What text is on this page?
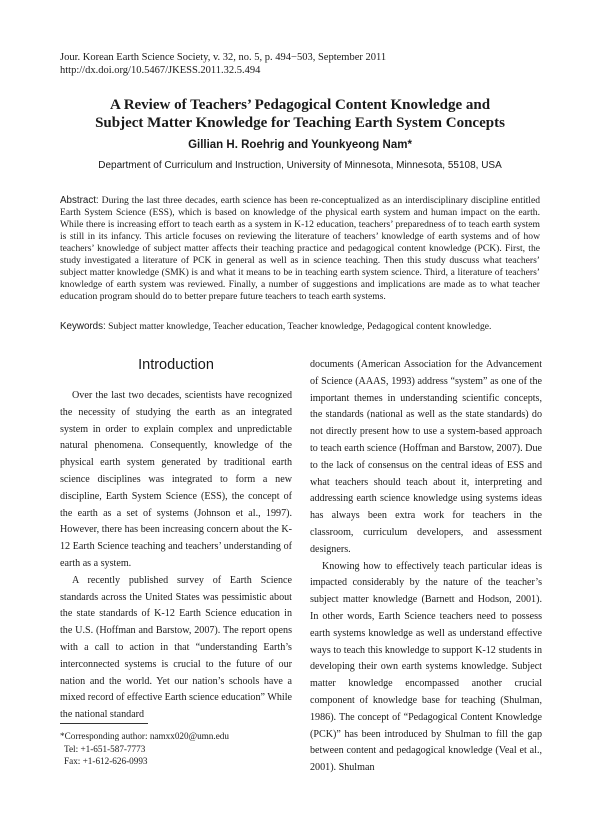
Jour. Korean Earth Science Society, v. 32, no. 5, p. 494−503, September 2011
http://dx.doi.org/10.5467/JKESS.2011.32.5.494
A Review of Teachers’ Pedagogical Content Knowledge and
Subject Matter Knowledge for Teaching Earth System Concepts
Gillian H. Roehrig and Younkyeong Nam*
Department of Curriculum and Instruction, University of Minnesota, Minnesota, 55108, USA
Abstract: During the last three decades, earth science has been re-conceptualized as an interdisciplinary discipline entitled Earth System Science (ESS), which is based on knowledge of the physical earth system and human impact on the earth. While there is increasing effort to teach earth as a system in K-12 education, teachers’ preparedness of to teach earth system is still in its infancy. This article focuses on reviewing the literature of teachers’ knowledge of earth systems and of how teachers’ knowledge of subject matter affects their teaching practice and pedagogical content knowledge (PCK). First, the study investigated a literature of PCK in general as well as in science teaching. Then this study duscuss what teachers’ subject matter knowledge (SMK) is and what it means to be in teaching earth system science. Third, a literature of teachers’ knowledge of earth system was reviewed. Finally, a number of suggestions and implications are made as to what teacher education program should do to better prepare future teachers to teach earth systems.
Keywords: Subject matter knowledge, Teacher education, Teacher knowledge, Pedagogical content knowledge.
Introduction

Over the last two decades, scientists have recognized the necessity of studying the earth as an integrated system in order to explain complex and unpredictable natural phenomena. Consequently, knowledge of the physical earth system generated by traditional earth science disciplines was integrated to form a new discipline, Earth System Science (ESS), the concept of the earth as a set of systems (Johnson et al., 1997). However, there has been increasing concern about the K-12 Earth Science teaching and teachers’ understanding of earth as a system.

A recently published survey of Earth Science standards across the United States was pessimistic about the state standards of K-12 Earth Science education in the U.S. (Hoffman and Barstow, 2007). The report opens with a call to action in that “understanding Earth’s interconnected systems is crucial to the future of our nation and the world. Yet our nation’s schools have a mixed record of effective Earth science education” While the national standard

documents (American Association for the Advancement of Science (AAAS, 1993) address “system” as one of the important themes in understanding scientific concepts, the standards (national as well as the state standards) do not directly present how to use a system-based approach to teach earth science (Hoffman and Barstow, 2007). Due to the lack of consensus on the central ideas of ESS and what teachers should teach about it, interpreting and addressing earth science knowledge using systems ideas has always been extra work for teachers in the classroom, curriculum developers, and assessment designers.

Knowing how to effectively teach particular ideas is impacted considerably by the nature of the teacher’s subject matter knowledge (Barnett and Hodson, 2001). In other words, Earth Science teachers need to possess earth systems knowledge as well as understand effective ways to teach this knowledge to support K-12 students in developing their own earth systems knowledge. Subject matter knowledge encompassed another crucial component of knowledge base for teaching (Shulman, 1986). The concept of “Pedagogical Content Knowledge (PCK)” has been introduced by Shulman to fill the gap between content and pedagogical knowledge (Veal et al., 2001). Shulman

*Corresponding author: namxx020@umn.edu
Tel: +1-651-587-7773
Fax: +1-612-626-0993
